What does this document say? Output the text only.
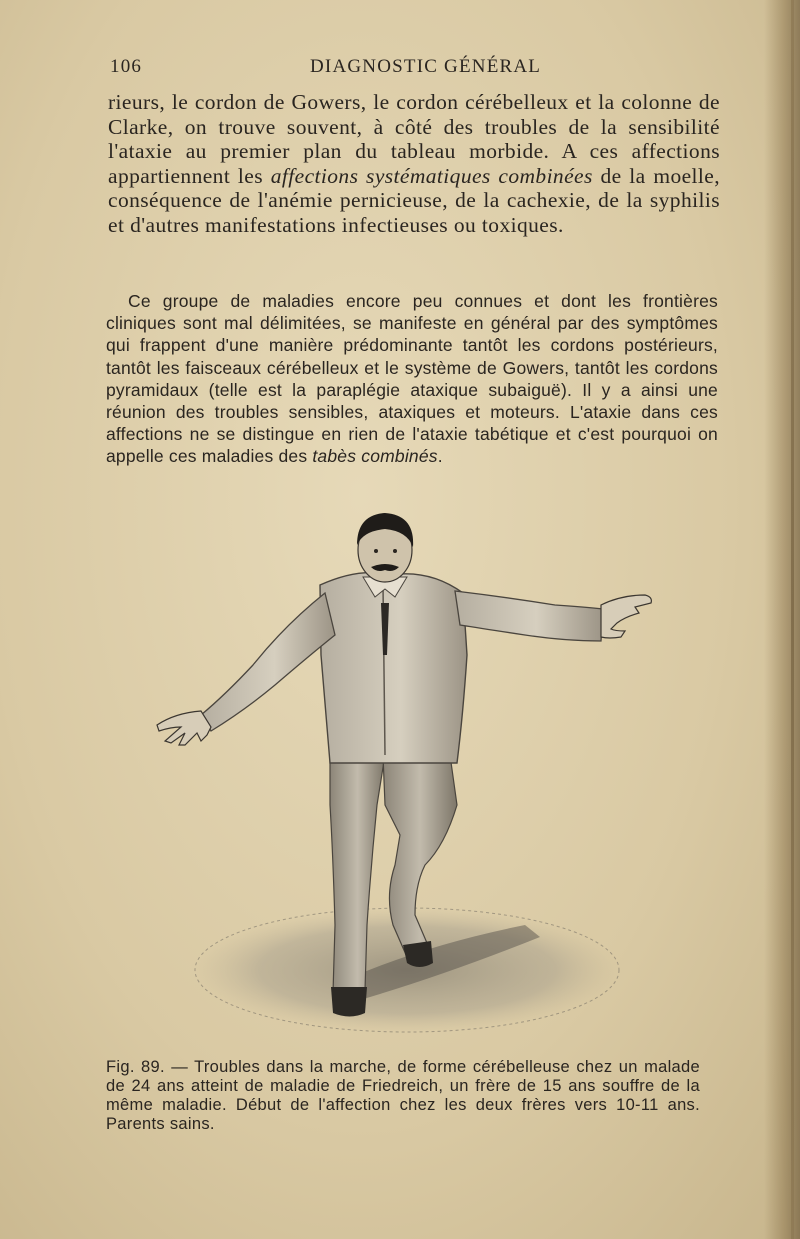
106	DIAGNOSTIC GÉNÉRAL

rieurs, le cordon de Gowers, le cordon cérébelleux et la colonne de Clarke, on trouve souvent, à côté des troubles de la sensibilité l'ataxie au premier plan du tableau morbide. A ces affections appartiennent les affections systématiques combinées de la moelle, conséquence de l'anémie pernicieuse, de la cachexie, de la syphilis et d'autres manifestations infectieuses ou toxiques.

Ce groupe de maladies encore peu connues et dont les frontières cliniques sont mal délimitées, se manifeste en général par des symptômes qui frappent d'une manière prédominante tantôt les cordons postérieurs, tantôt les faisceaux cérébelleux et le système de Gowers, tantôt les cordons pyramidaux (telle est la paraplégie ataxique subaiguë). Il y a ainsi une réunion des troubles sensibles, ataxiques et moteurs. L'ataxie dans ces affections ne se distingue en rien de l'ataxie tabétique et c'est pourquoi on appelle ces maladies des tabès combinés.

Fig. 89. — Troubles dans la marche, de forme cérébelleuse chez un malade de 24 ans atteint de maladie de Friedreich, un frère de 15 ans souffre de la même maladie. Début de l'affection chez les deux frères vers 10-11 ans. Parents sains.
